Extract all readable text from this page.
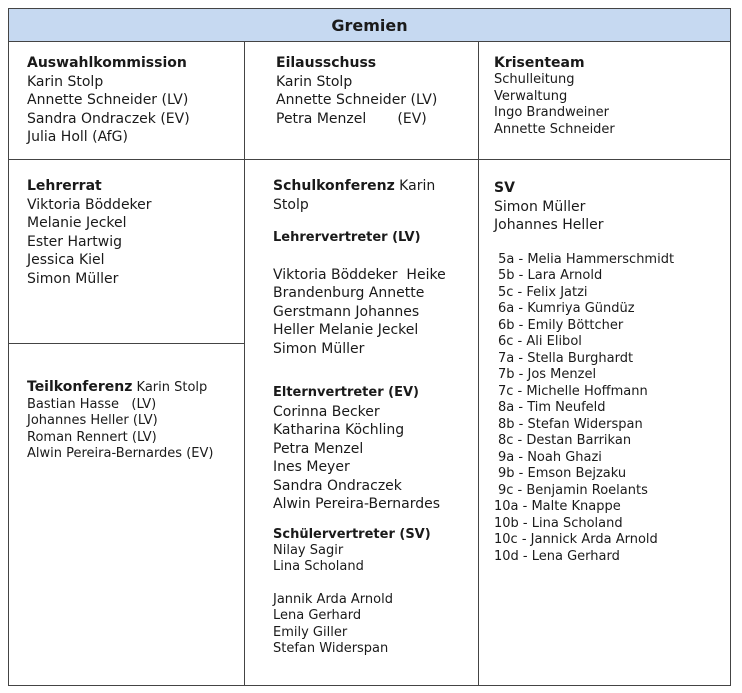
Gremien
Auswahlkommission
Karin Stolp
Annette Schneider (LV)
Sandra Ondraczek (EV)
Julia Holl (AfG)
Eilausschuss
Karin Stolp
Annette Schneider (LV)
Petra Menzel       (EV)
Krisenteam
Schulleitung
Verwaltung
Ingo Brandweiner
Annette Schneider
Lehrerrat
Viktoria Böddeker
Melanie Jeckel
Ester Hartwig
Jessica Kiel
Simon Müller
Teilkonferenz Karin Stolp
Bastian Hasse   (LV)
Johannes Heller (LV)
Roman Rennert (LV)
Alwin Pereira-Bernardes (EV)
Schulkonferenz Karin
Stolp
Lehrervertreter (LV)
Viktoria Böddeker  Heike
Brandenburg Annette
Gerstmann Johannes
Heller Melanie Jeckel
Simon Müller
Elternvertreter (EV)
Corinna Becker
Katharina Köchling
Petra Menzel
Ines Meyer
Sandra Ondraczek
Alwin Pereira-Bernardes
Schülervertreter (SV)
Nilay Sagir
Lina Scholand
Jannik Arda Arnold
Lena Gerhard
Emily Giller
Stefan Widerspan
SV
Simon Müller
Johannes Heller
5a - Melia Hammerschmidt
5b - Lara Arnold
5c - Felix Jatzi
6a - Kumriya Gündüz
6b - Emily Böttcher
6c - Ali Elibol
7a - Stella Burghardt
7b - Jos Menzel
7c - Michelle Hoffmann
8a - Tim Neufeld
8b - Stefan Widerspan
8c - Destan Barrikan
9a - Noah Ghazi
9b - Emson Bejzaku
9c - Benjamin Roelants
10a - Malte Knappe
10b - Lina Scholand
10c - Jannick Arda Arnold
10d - Lena Gerhard
